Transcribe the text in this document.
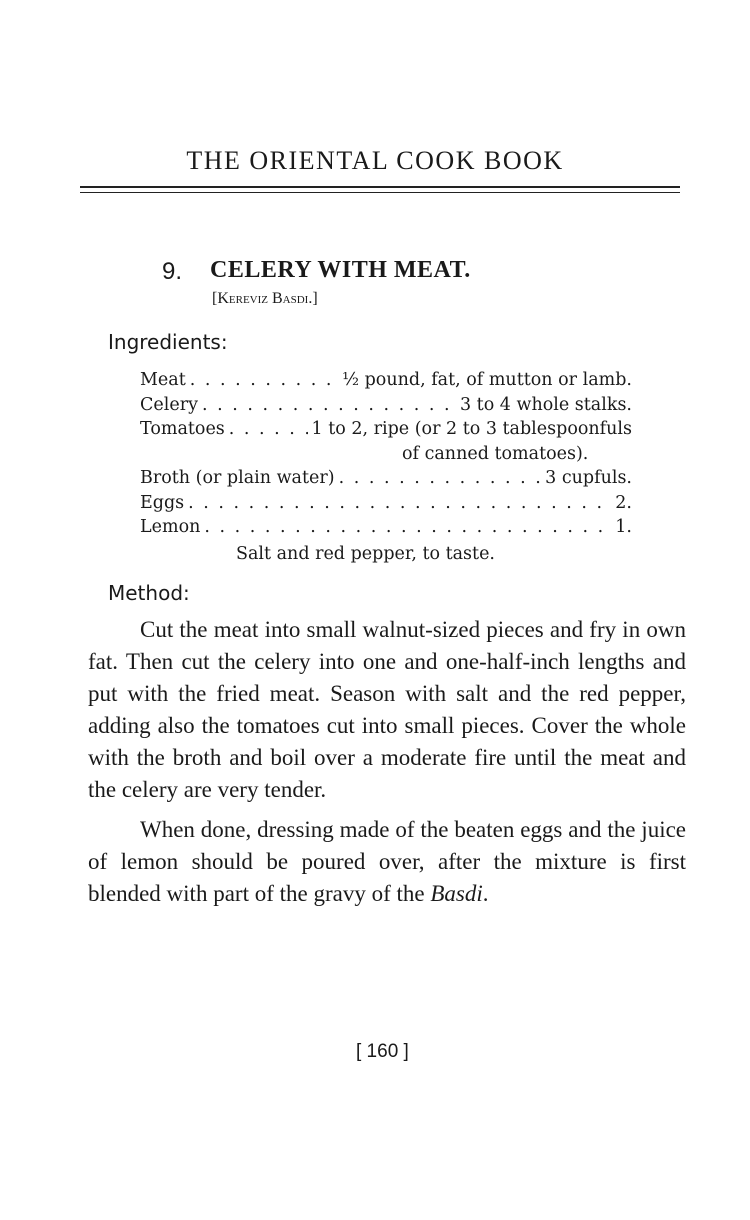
THE ORIENTAL COOK BOOK
9. CELERY WITH MEAT.
[Kereviz Basdi.]
Ingredients:
Meat . . .	½ pound, fat, of mutton or lamb.
Celery . . .	3 to 4 whole stalks.
Tomatoes . . .	1 to 2, ripe (or 2 to 3 tablespoonfuls
of canned tomatoes).
Broth (or plain water) . . .	3 cupfuls.
Eggs . . .	2.
Lemon . . .	1.
Salt and red pepper, to taste.
Method:

Cut the meat into small walnut-sized pieces and fry in own fat. Then cut the celery into one and one-half-inch lengths and put with the fried meat. Season with salt and the red pepper, adding also the tomatoes cut into small pieces. Cover the whole with the broth and boil over a moderate fire until the meat and the celery are very tender.

When done, dressing made of the beaten eggs and the juice of lemon should be poured over, after the mixture is first blended with part of the gravy of the Basdi.

[ 160 ]
